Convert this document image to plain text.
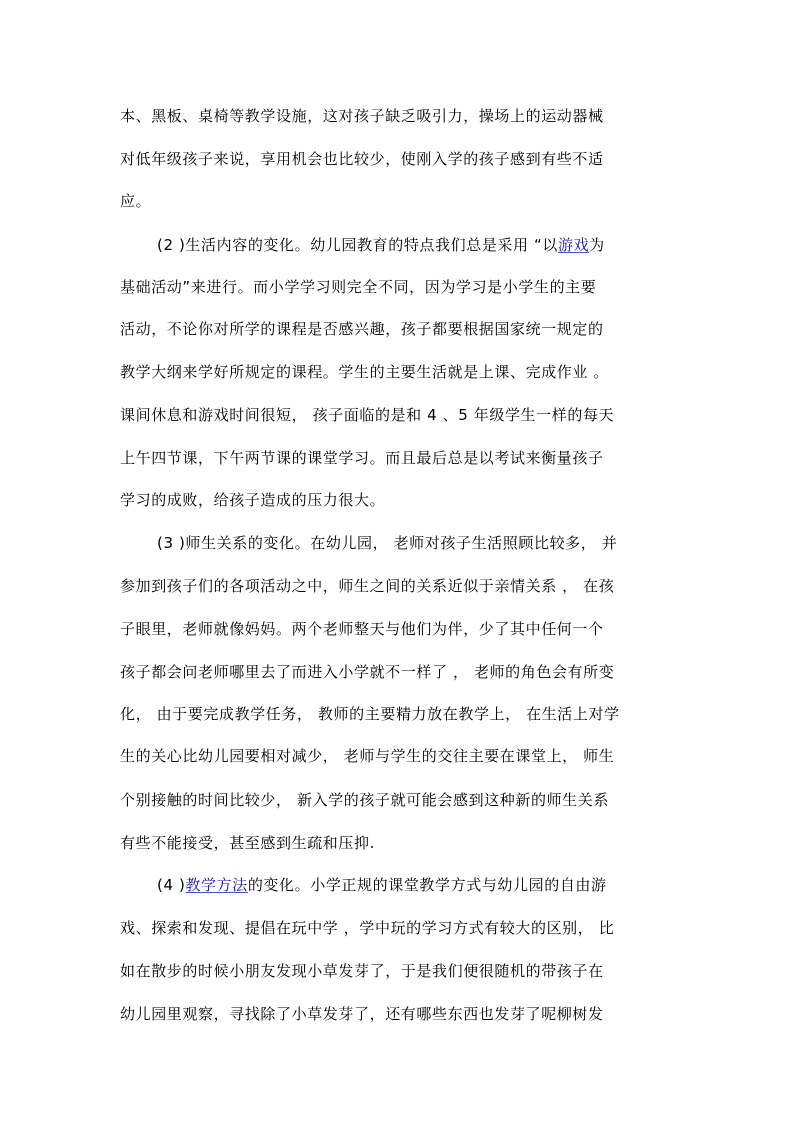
本、黑板、桌椅等教学设施，这对孩子缺乏吸引力，操场上的运动器械
对低年级孩子来说，享用机会也比较少，使刚入学的孩子感到有些不适
应。
(2 )生活内容的变化。幼儿园教育的特点我们总是采用 “以游戏为
基础活动”来进行。而小学学习则完全不同，因为学习是小学生的主要
活动，不论你对所学的课程是否感兴趣，孩子都要根据国家统一规定的
教学大纲来学好所规定的课程。学生的主要生活就是上课、完成作业 。
课间休息和游戏时间很短， 孩子面临的是和 4 、5 年级学生一样的每天
上午四节课，下午两节课的课堂学习。而且最后总是以考试来衡量孩子
学习的成败，给孩子造成的压力很大。
(3 )师生关系的变化。在幼儿园， 老师对孩子生活照顾比较多， 并
参加到孩子们的各项活动之中，师生之间的关系近似于亲情关系 ， 在孩
子眼里，老师就像妈妈。两个老师整天与他们为伴，少了其中任何一个
孩子都会问老师哪里去了而进入小学就不一样了 ， 老师的角色会有所变
化， 由于要完成教学任务， 教师的主要精力放在教学上， 在生活上对学
生的关心比幼儿园要相对减少， 老师与学生的交往主要在课堂上， 师生
个别接触的时间比较少， 新入学的孩子就可能会感到这种新的师生关系
有些不能接受，甚至感到生疏和压抑.
(4 )教学方法的变化。小学正规的课堂教学方式与幼儿园的自由游
戏、探索和发现、提倡在玩中学 ，学中玩的学习方式有较大的区别， 比
如在散步的时候小朋友发现小草发芽了，于是我们便很随机的带孩子在
幼儿园里观察，寻找除了小草发芽了，还有哪些东西也发芽了呢柳树发
